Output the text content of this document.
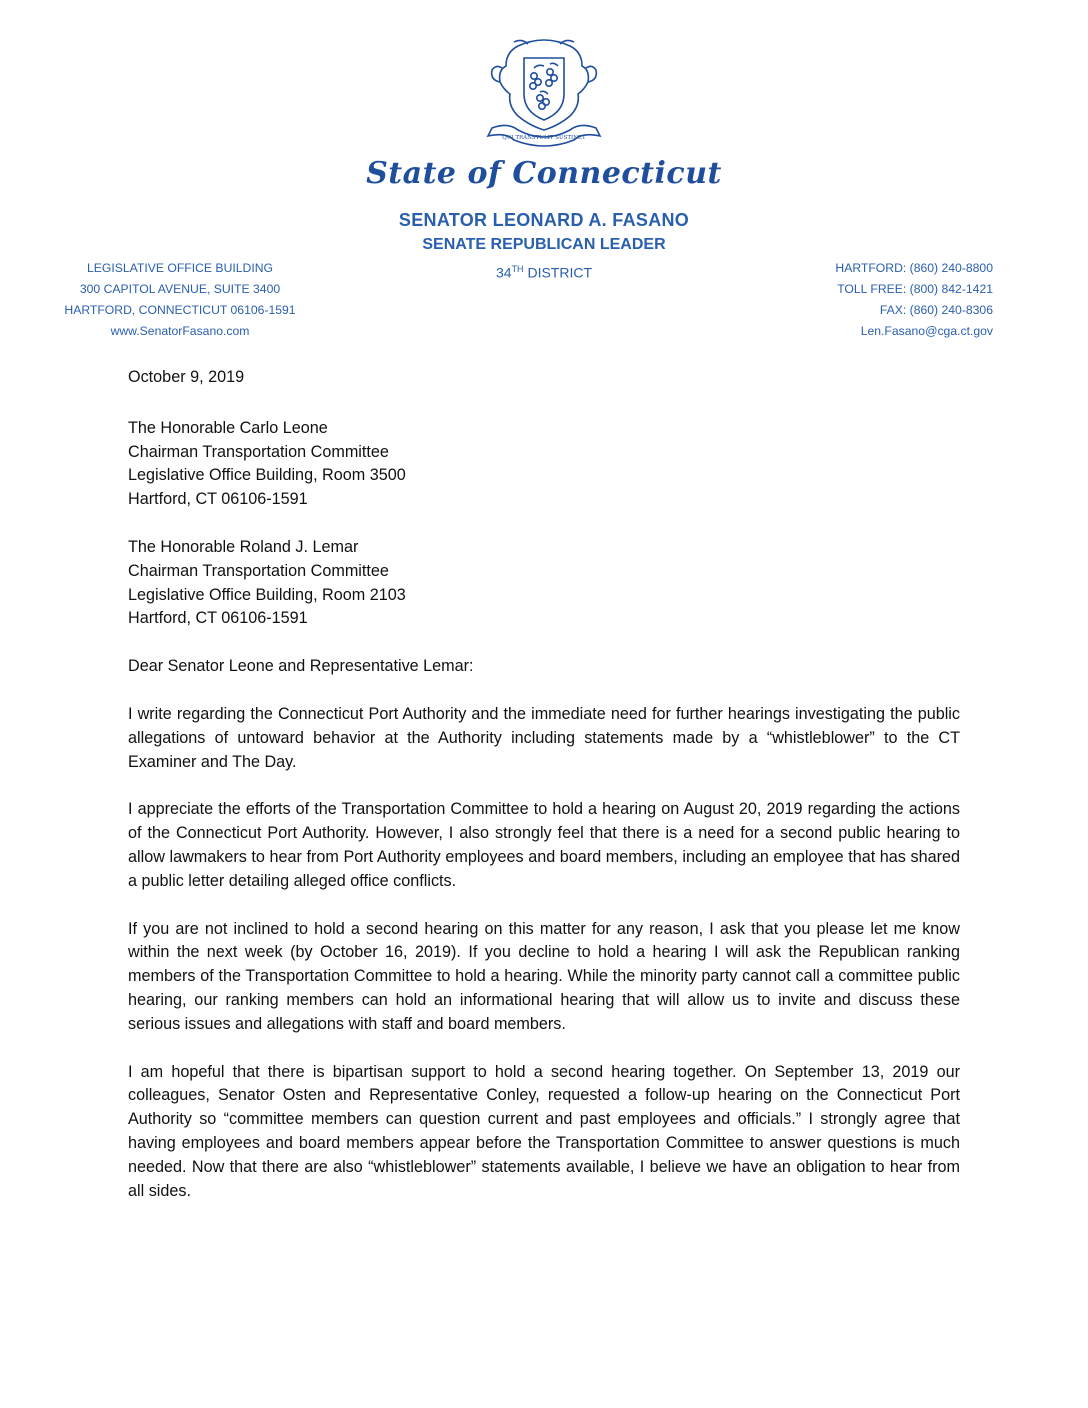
QUI TRANSTULIT SUSTINET
State of Connecticut
SENATOR LEONARD A. FASANO
SENATE REPUBLICAN LEADER
34TH DISTRICT
LEGISLATIVE OFFICE BUILDING
300 CAPITOL AVENUE, SUITE 3400
HARTFORD, CONNECTICUT 06106-1591
www.SenatorFasano.com
HARTFORD: (860) 240-8800
TOLL FREE: (800) 842-1421
FAX: (860) 240-8306
Len.Fasano@cga.ct.gov
October 9, 2019
The Honorable Carlo Leone
Chairman Transportation Committee
Legislative Office Building, Room 3500
Hartford, CT 06106-1591
The Honorable Roland J. Lemar
Chairman Transportation Committee
Legislative Office Building, Room 2103
Hartford, CT 06106-1591
Dear Senator Leone and Representative Lemar:

I write regarding the Connecticut Port Authority and the immediate need for further hearings investigating the public allegations of untoward behavior at the Authority including statements made by a “whistleblower” to the CT Examiner and The Day.

I appreciate the efforts of the Transportation Committee to hold a hearing on August 20, 2019 regarding the actions of the Connecticut Port Authority. However, I also strongly feel that there is a need for a second public hearing to allow lawmakers to hear from Port Authority employees and board members, including an employee that has shared a public letter detailing alleged office conflicts.

If you are not inclined to hold a second hearing on this matter for any reason, I ask that you please let me know within the next week (by October 16, 2019). If you decline to hold a hearing I will ask the Republican ranking members of the Transportation Committee to hold a hearing. While the minority party cannot call a committee public hearing, our ranking members can hold an informational hearing that will allow us to invite and discuss these serious issues and allegations with staff and board members.

I am hopeful that there is bipartisan support to hold a second hearing together. On September 13, 2019 our colleagues, Senator Osten and Representative Conley, requested a follow-up hearing on the Connecticut Port Authority so “committee members can question current and past employees and officials.” I strongly agree that having employees and board members appear before the Transportation Committee to answer questions is much needed. Now that there are also “whistleblower” statements available, I believe we have an obligation to hear from all sides.
